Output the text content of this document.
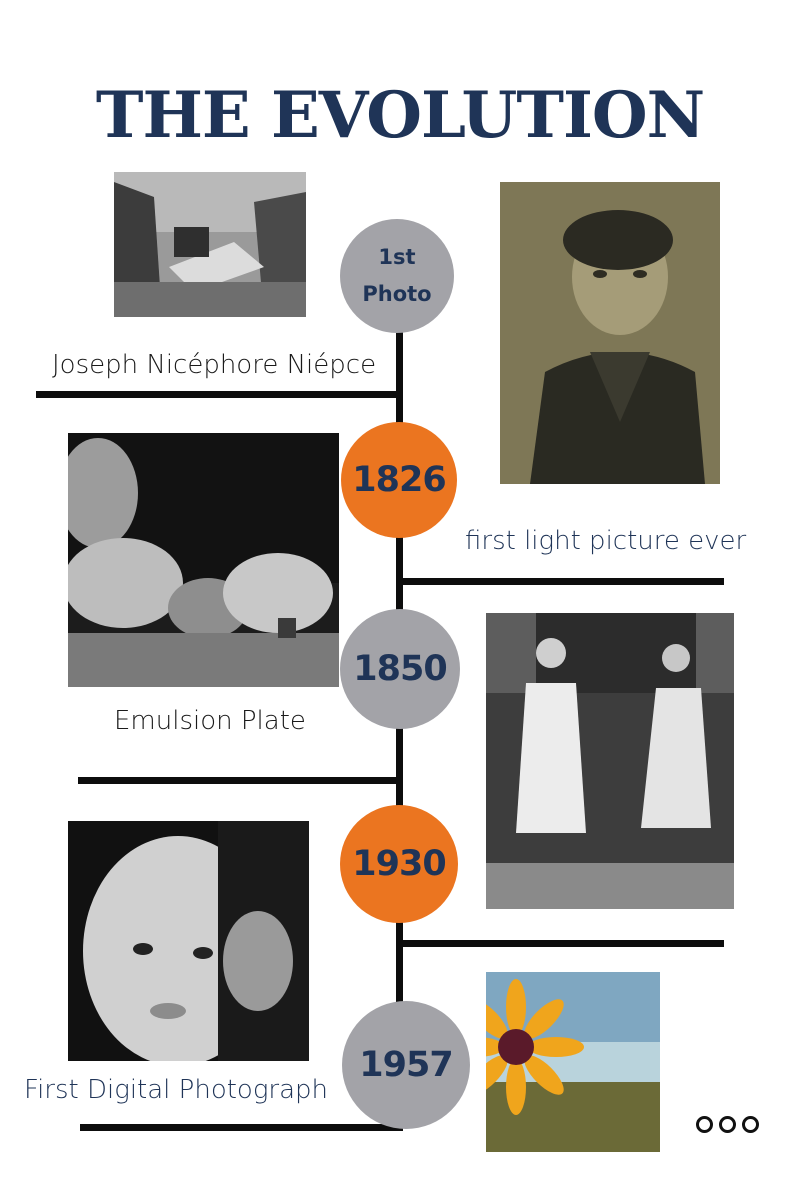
THE EVOLUTION
1st
Photo
1826
1850
1930
1957
Joseph Nicéphore Niépce
first light picture ever
Emulsion Plate
First Digital Photograph
